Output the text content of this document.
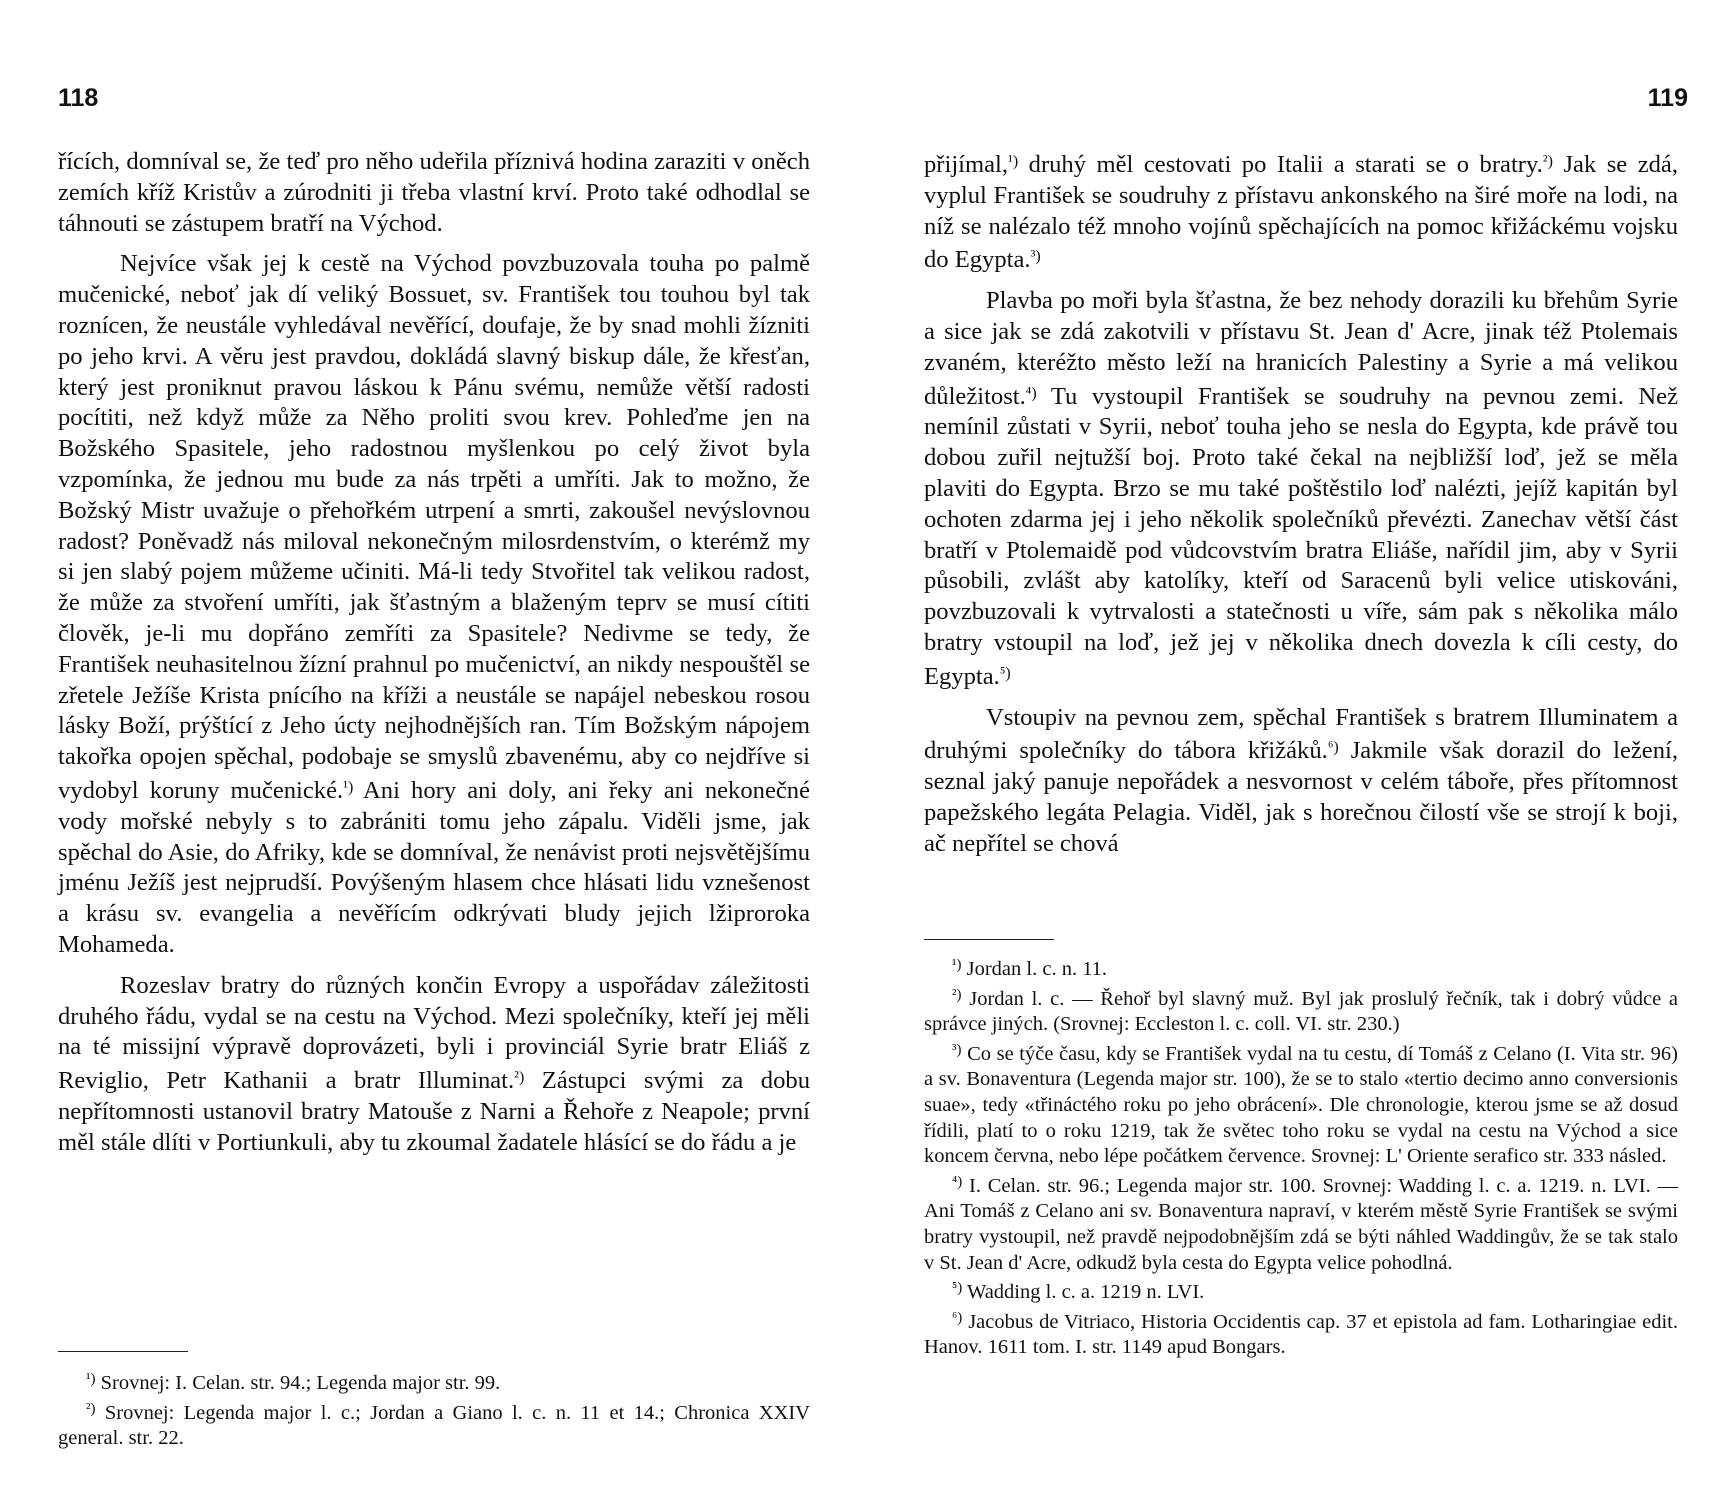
118

řících, domníval se, že teď pro něho udeřila příznivá hodina zaraziti v oněch zemích kříž Kristův a zúrodniti ji třeba vlastní krví. Proto také odhodlal se táhnouti se zástupem bratří na Východ.

Nejvíce však jej k cestě na Východ povzbuzovala touha po palmě mučenické, neboť jak dí veliký Bossuet, sv. František tou touhou byl tak roznícen, že neustále vyhledával nevěřící, doufaje, že by snad mohli žízniti po jeho krvi. A věru jest pravdou, dokládá slavný biskup dále, že křesťan, který jest proniknut pravou láskou k Pánu svému, nemůže větší radosti pocítiti, než když může za Něho proliti svou krev. Pohleďme jen na Božského Spasitele, jeho radostnou myšlenkou po celý život byla vzpomínka, že jednou mu bude za nás trpěti a umříti. Jak to možno, že Božský Mistr uvažuje o přehořkém utrpení a smrti, zakoušel nevýslovnou radost? Poněvadž nás miloval nekonečným milosrdenstvím, o kterémž my si jen slabý pojem můžeme učiniti. Má-li tedy Stvořitel tak velikou radost, že může za stvoření umříti, jak šťastným a blaženým teprv se musí cítiti člověk, je-li mu dopřáno zemříti za Spasitele? Nedivme se tedy, že František neuhasitelnou žízní prahnul po mučenictví, an nikdy nespouštěl se zřetele Ježíše Krista pnícího na kříži a neustále se napájel nebeskou rosou lásky Boží, prýštící z Jeho úcty nejhodnějších ran. Tím Božským nápojem takořka opojen spěchal, podobaje se smyslů zbavenému, aby co nejdříve si vydobyl koruny mučenické.$^{^1)}$ Ani hory ani doly, ani řeky ani nekonečné vody mořské nebyly s to zabrániti tomu jeho zápalu. Viděli jsme, jak spěchal do Asie, do Afriky, kde se domníval, že nenávist proti nejsvětějšímu jménu Ježíš jest nejprudší. Povýšeným hlasem chce hlásati lidu vznešenost a krásu sv. evangelia a nevěřícím odkrývati bludy jejich lžiproroka Mohameda.

Rozeslav bratry do různých končin Evropy a uspořádav záležitosti druhého řádu, vydal se na cestu na Východ. Mezi společníky, kteří jej měli na té missijní výpravě doprovázeti, byli i provinciál Syrie bratr Eliáš z Reviglio, Petr Kathanii a bratr Illuminat.$^{^2)}$ Zástupci svými za dobu nepřítomnosti ustanovil bratry Matouše z Narni a Řehoře z Neapole; první měl stále dlíti v Portiunkuli, aby tu zkoumal žadatele hlásící se do řádu a je

$^{^1)}$ Srovnej: I. Celan. str. 94.; Legenda major str. 99.

$^{^2)}$ Srovnej: Legenda major l. c.; Jordan a Giano l. c. n. 11 et 14.; Chronica XXIV general. str. 22.

119

přijímal,$^{^1)}$ druhý měl cestovati po Italii a starati se o bratry.$^{^2)}$ Jak se zdá, vyplul František se soudruhy z přístavu ankonského na širé moře na lodi, na níž se nalézalo též mnoho vojínů spěchajících na pomoc křižáckému vojsku do Egypta.$^{^3)}$

Plavba po moři byla šťastna, že bez nehody dorazili ku břehům Syrie a sice jak se zdá zakotvili v přístavu St. Jean d' Acre, jinak též Ptolemais zvaném, kteréžto město leží na hranicích Palestiny a Syrie a má velikou důležitost.$^{^4)}$ Tu vystoupil František se soudruhy na pevnou zemi. Než nemínil zůstati v Syrii, neboť touha jeho se nesla do Egypta, kde právě tou dobou zuřil nejtužší boj. Proto také čekal na nejbližší loď, jež se měla plaviti do Egypta. Brzo se mu také poštěstilo loď nalézti, jejíž kapitán byl ochoten zdarma jej i jeho několik společníků převézti. Zanechav větší část bratří v Ptolemaidě pod vůdcovstvím bratra Eliáše, nařídil jim, aby v Syrii působili, zvlášt aby katolíky, kteří od Saracenů byli velice utiskováni, povzbuzovali k vytrvalosti a statečnosti u víře, sám pak s několika málo bratry vstoupil na loď, jež jej v několika dnech dovezla k cíli cesty, do Egypta.$^{^5)}$

Vstoupiv na pevnou zem, spěchal František s bratrem Illuminatem a druhými společníky do tábora křižáků.$^{^6)}$ Jakmile však dorazil do ležení, seznal jaký panuje nepořádek a nesvornost v celém táboře, přes přítomnost papežského legáta Pelagia. Viděl, jak s horečnou čilostí vše se strojí k boji, ač nepřítel se chová

$^{^1)}$ Jordan l. c. n. 11.

$^{^2)}$ Jordan l. c. — Řehoř byl slavný muž. Byl jak proslulý řečník, tak i dobrý vůdce a správce jiných. (Srovnej: Eccleston l. c. coll. VI. str. 230.)

$^{^3)}$ Co se týče času, kdy se František vydal na tu cestu, dí Tomáš z Celano (I. Vita str. 96) a sv. Bonaventura (Legenda major str. 100), že se to stalo «tertio decimo anno conversionis suae», tedy «třináctého roku po jeho obrácení». Dle chronologie, kterou jsme se až dosud řídili, platí to o roku 1219, tak že světec toho roku se vydal na cestu na Východ a sice koncem června, nebo lépe počátkem července. Srovnej: L' Oriente serafico str. 333 násled.

$^{^4)}$ I. Celan. str. 96.; Legenda major str. 100. Srovnej: Wadding l. c. a. 1219. n. LVI. — Ani Tomáš z Celano ani sv. Bonaventura napraví, v kterém městě Syrie František se svými bratry vystoupil, než pravdě nejpodobnějším zdá se býti náhled Waddingův, že se tak stalo v St. Jean d' Acre, odkudž byla cesta do Egypta velice pohodlná.

$^{^5)}$ Wadding l. c. a. 1219 n. LVI.

$^{^6)}$ Jacobus de Vitriaco, Historia Occidentis cap. 37 et epistola ad fam. Lotharingiae edit. Hanov. 1611 tom. I. str. 1149 apud Bongars.
